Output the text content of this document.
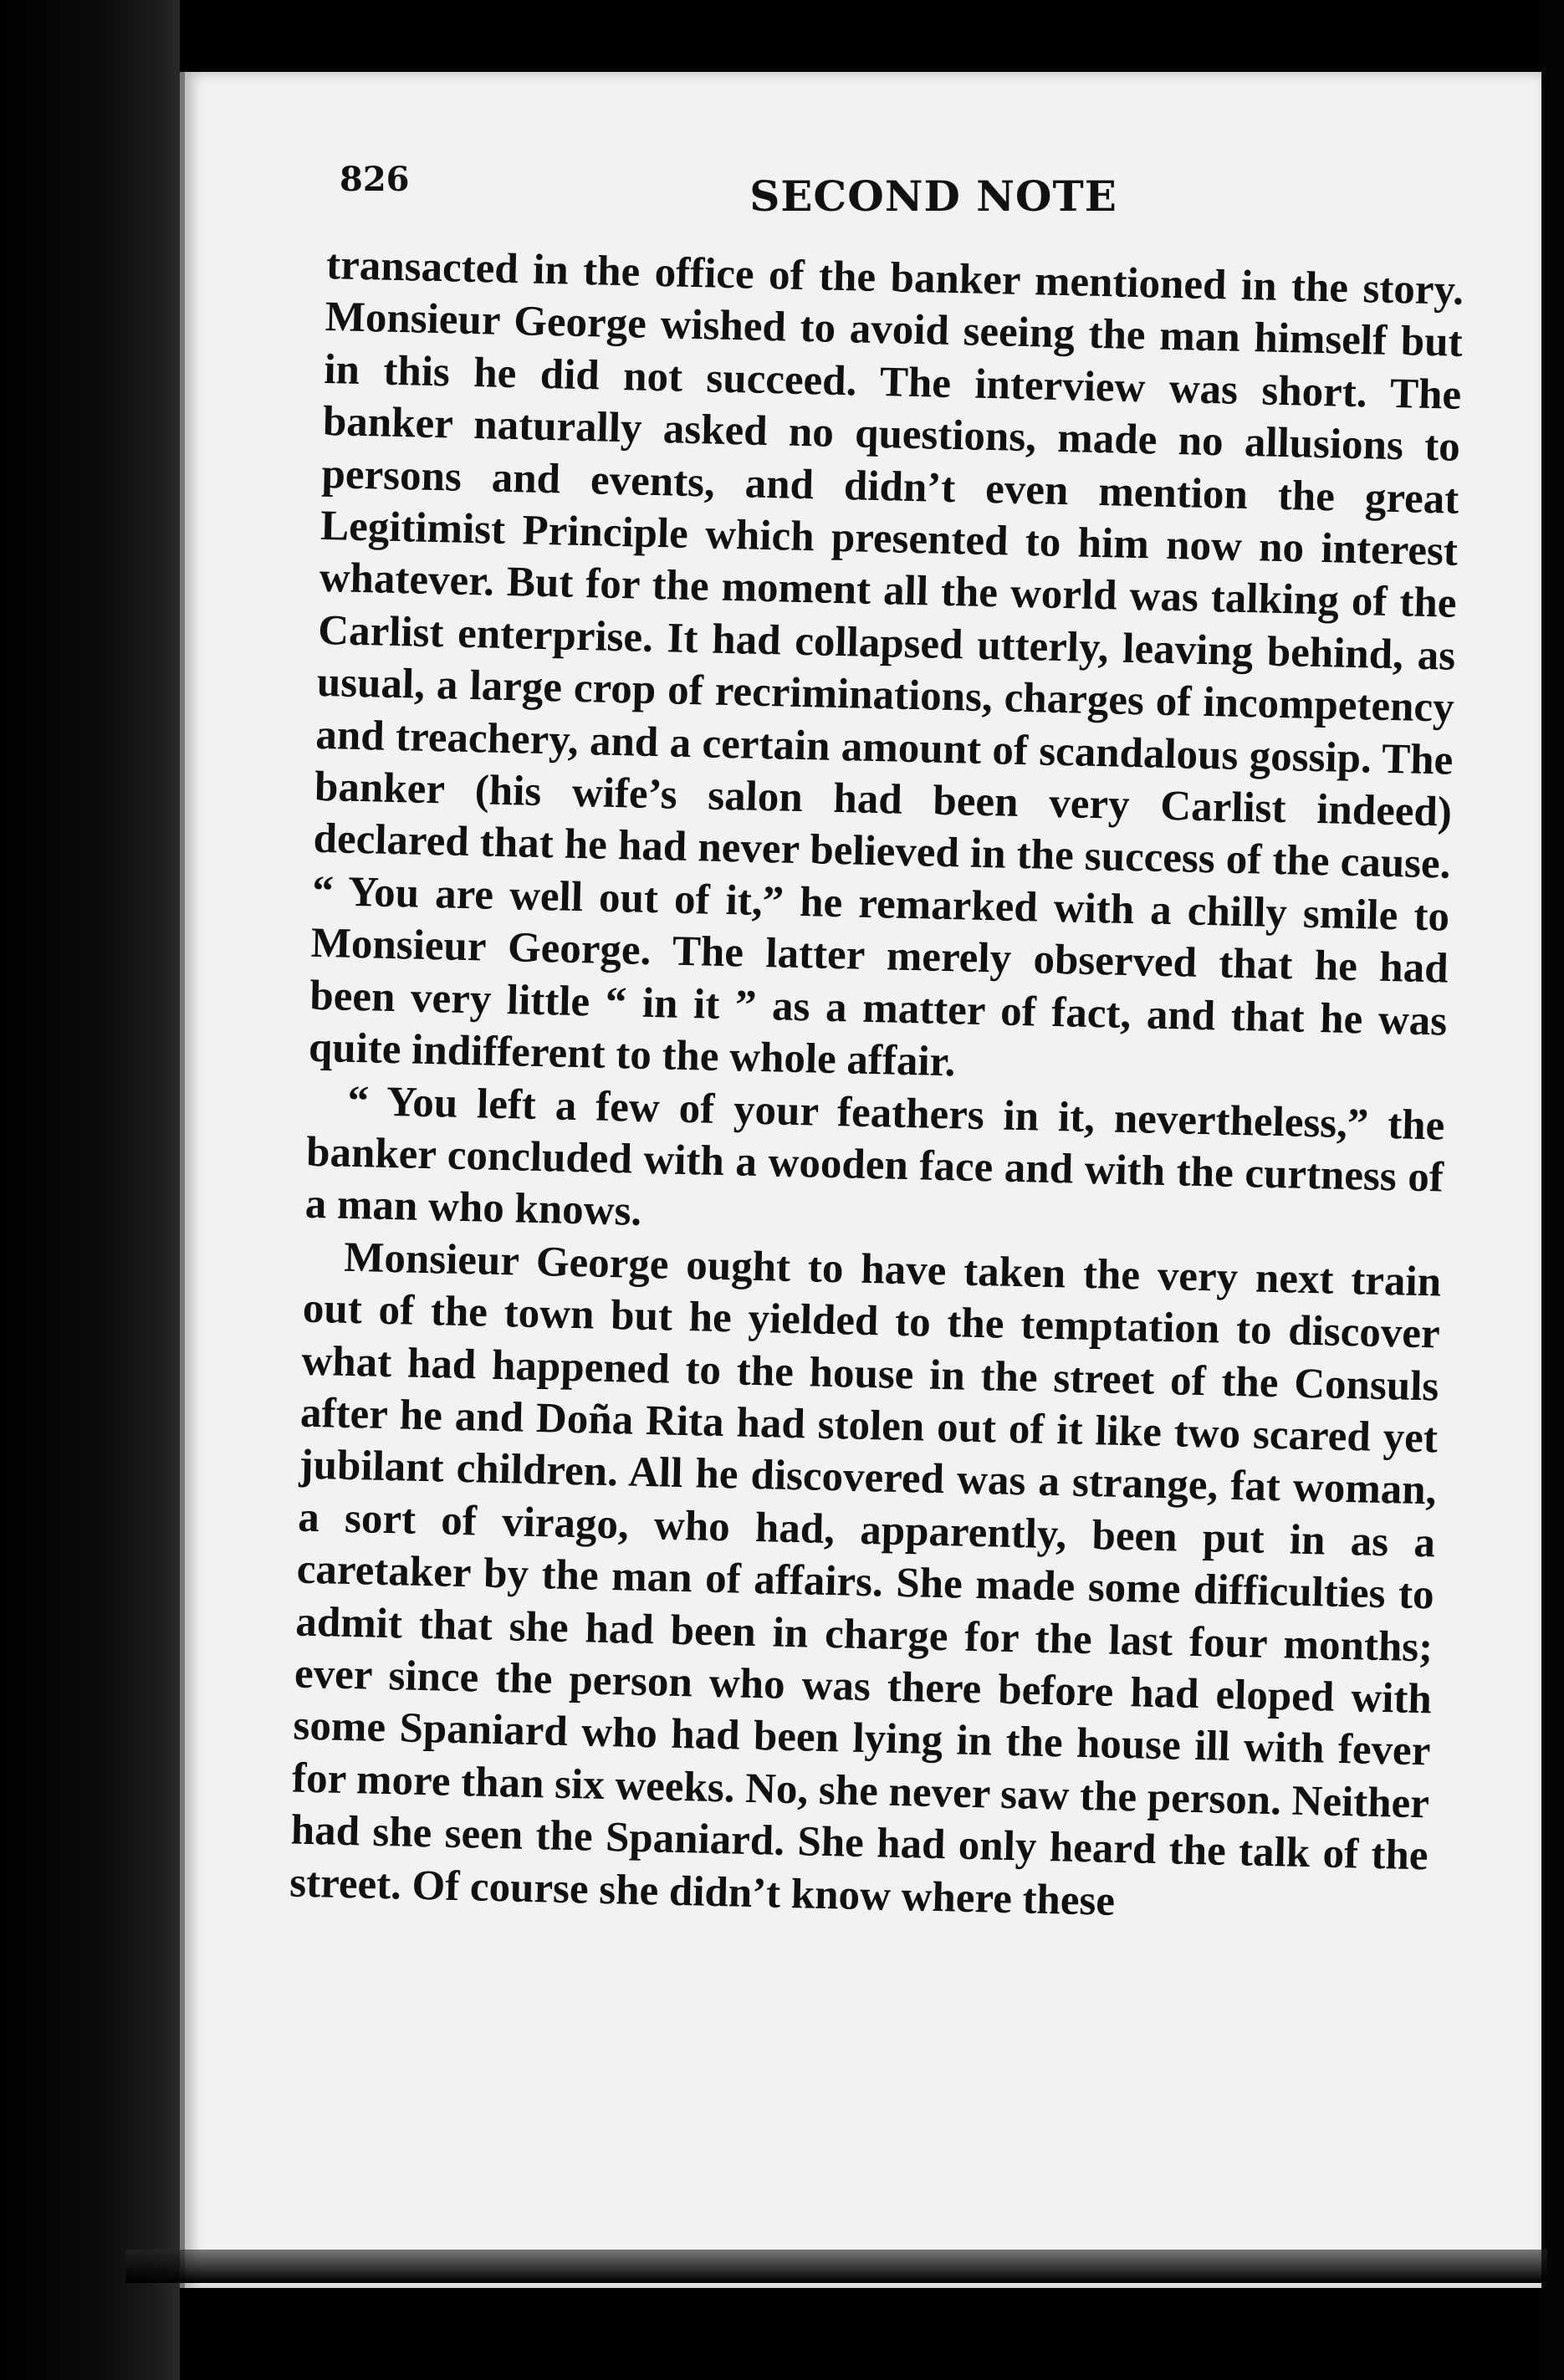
826	SECOND NOTE

transacted in the office of the banker mentioned in the story. Monsieur George wished to avoid seeing the man himself but in this he did not succeed. The interview was short. The banker naturally asked no questions, made no allusions to persons and events, and didn’t even mention the great Legitimist Principle which presented to him now no interest whatever. But for the moment all the world was talking of the Carlist enterprise. It had collapsed utterly, leaving behind, as usual, a large crop of recriminations, charges of incompetency and treachery, and a certain amount of scandalous gossip. The banker (his wife’s salon had been very Carlist indeed) declared that he had never believed in the success of the cause. “ You are well out of it,” he remarked with a chilly smile to Monsieur George. The latter merely observed that he had been very little “ in it ” as a matter of fact, and that he was quite indifferent to the whole affair.

“ You left a few of your feathers in it, nevertheless,” the banker concluded with a wooden face and with the curtness of a man who knows.

Monsieur George ought to have taken the very next train out of the town but he yielded to the temptation to discover what had happened to the house in the street of the Consuls after he and Doña Rita had stolen out of it like two scared yet jubilant children. All he discovered was a strange, fat woman, a sort of virago, who had, apparently, been put in as a caretaker by the man of affairs. She made some difficulties to admit that she had been in charge for the last four months; ever since the person who was there before had eloped with some Spaniard who had been lying in the house ill with fever for more than six weeks. No, she never saw the person. Neither had she seen the Spaniard. She had only heard the talk of the street. Of course she didn’t know where these
